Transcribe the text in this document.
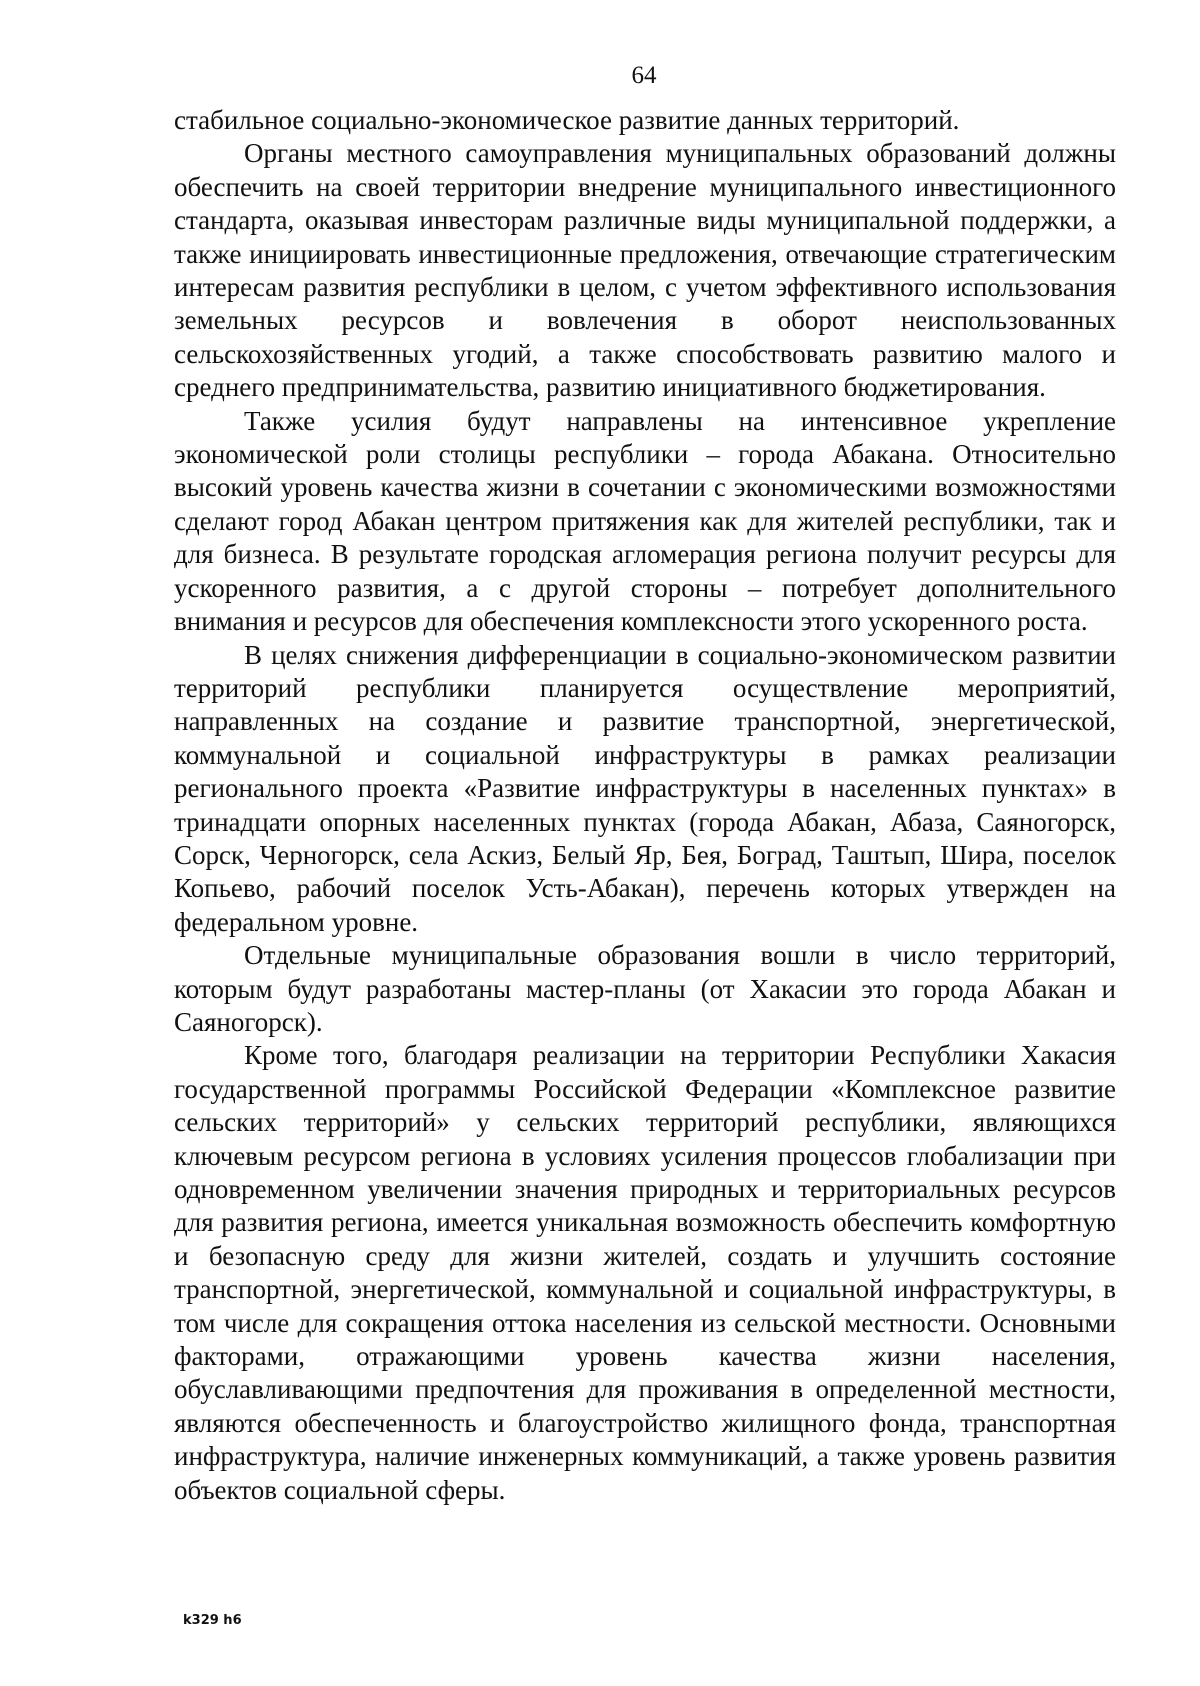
64

стабильное социально-экономическое развитие данных территорий.

Органы местного самоуправления муниципальных образований должны обеспечить на своей территории внедрение муниципального инвестиционного стандарта, оказывая инвесторам различные виды муниципальной поддержки, а также инициировать инвестиционные предложения, отвечающие стратегическим интересам развития республики в целом, с учетом эффективного использования земельных ресурсов и вовлечения в оборот неиспользованных сельскохозяйственных угодий, а также способствовать развитию малого и среднего предпринимательства, развитию инициативного бюджетирования.

Также усилия будут направлены на интенсивное укрепление экономической роли столицы республики – города Абакана. Относительно высокий уровень качества жизни в сочетании с экономическими возможностями сделают город Абакан центром притяжения как для жителей республики, так и для бизнеса. В результате городская агломерация региона получит ресурсы для ускоренного развития, а с другой стороны – потребует дополнительного внимания и ресурсов для обеспечения комплексности этого ускоренного роста.

В целях снижения дифференциации в социально-экономическом развитии территорий республики планируется осуществление мероприятий, направленных на создание и развитие транспортной, энергетической, коммунальной и социальной инфраструктуры в рамках реализации регионального проекта «Развитие инфраструктуры в населенных пунктах» в тринадцати опорных населенных пунктах (города Абакан, Абаза, Саяногорск, Сорск, Черногорск, села Аскиз, Белый Яр, Бея, Боград, Таштып, Шира, поселок Копьево, рабочий поселок Усть-Абакан), перечень которых утвержден на федеральном уровне.

Отдельные муниципальные образования вошли в число территорий, которым будут разработаны мастер-планы (от Хакасии это города Абакан и Саяногорск).

Кроме того, благодаря реализации на территории Республики Хакасия государственной программы Российской Федерации «Комплексное развитие сельских территорий» у сельских территорий республики, являющихся ключевым ресурсом региона в условиях усиления процессов глобализации при одновременном увеличении значения природных и территориальных ресурсов для развития региона, имеется уникальная возможность обеспечить комфортную и безопасную среду для жизни жителей, создать и улучшить состояние транспортной, энергетической, коммунальной и социальной инфраструктуры, в том числе для сокращения оттока населения из сельской местности. Основными факторами, отражающими уровень качества жизни населения, обуславливающими предпочтения для проживания в определенной местности, являются обеспеченность и благоустройство жилищного фонда, транспортная инфраструктура, наличие инженерных коммуникаций, а также уровень развития объектов социальной сферы.

k329 h6
